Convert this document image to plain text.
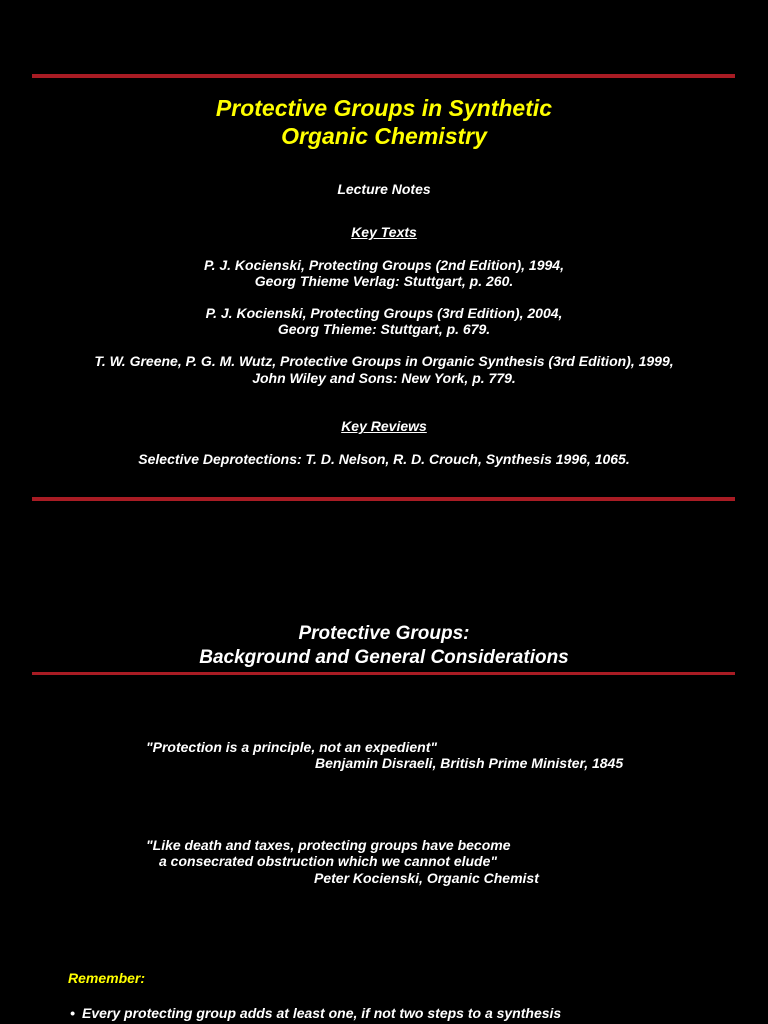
Protective Groups in Synthetic
Organic Chemistry
Lecture Notes
Key Texts
P. J. Kocienski, Protecting Groups (2nd Edition), 1994,
Georg Thieme Verlag: Stuttgart, p. 260.
P. J. Kocienski, Protecting Groups (3rd Edition), 2004,
Georg Thieme: Stuttgart, p. 679.
T. W. Greene, P. G. M. Wutz, Protective Groups in Organic Synthesis (3rd Edition), 1999,
John Wiley and Sons: New York, p. 779.
Key Reviews
Selective Deprotections: T. D. Nelson, R. D. Crouch, Synthesis 1996, 1065.
Protective Groups:
Background and General Considerations
"Protection is a principle, not an expedient"
Benjamin Disraeli, British Prime Minister, 1845
"Like death and taxes, protecting groups have become
a consecrated obstruction which we cannot elude"
Peter Kocienski, Organic Chemist
Remember:
• Every protecting group adds at least one, if not two steps to a synthesis
